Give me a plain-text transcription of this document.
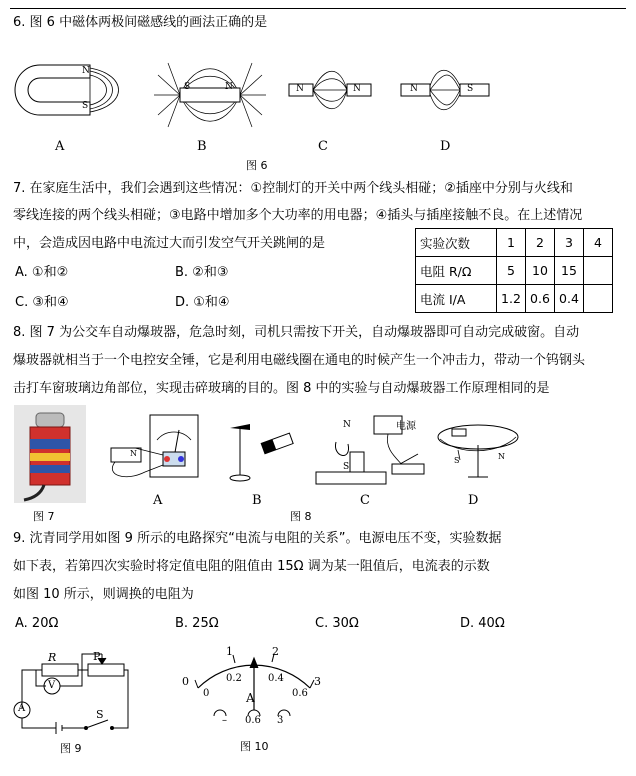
6. 图 6 中磁体两极间磁感线的画法正确的是
N
S
S	N	N	N	N	S
A	B	C	D
图 6
7. 在家庭生活中，我们会遇到这些情况：①控制灯的开关中两个线头相碰；②插座中分别与火线和
零线连接的两个线头相碰；③电路中增加多个大功率的用电器；④插头与插座接触不良。在上述情况
中，会造成因电路中电流过大而引发空气开关跳闸的是
A. ①和②	B. ②和③
C. ③和④	D. ①和④
实验次数	1	2	3	4
电阻 R/Ω	5	10	15	
电流 I/A	1.2	0.6	0.4	
8. 图 7 为公交车自动爆玻器，危急时刻，司机只需按下开关，自动爆玻器即可自动完成破窗。自动
爆玻器就相当于一个电控安全锤，它是利用电磁线圈在通电的时候产生一个冲击力，带动一个钨钢头
击打车窗玻璃边角部位，实现击碎玻璃的目的。图 8 中的实验与自动爆玻器工作原理相同的是
图 7
N
N
S
电源
S	N
A	B	C	D
图 8
9. 沈青同学用如图 9 所示的电路探究“电流与电阻的关系”。电源电压不变，实验数据
如下表，若第四次实验时将定值电阻的阻值由 15Ω 调为某一阻值后，电流表的示数
如图 10 所示，则调换的电阻为
A. 20Ω	B. 25Ω	C. 30Ω	D. 40Ω
R	P
V
A	S
图 9
0
1	2
3
0
0.2	0.4
0.6
A
– 0.6 3
图 10
